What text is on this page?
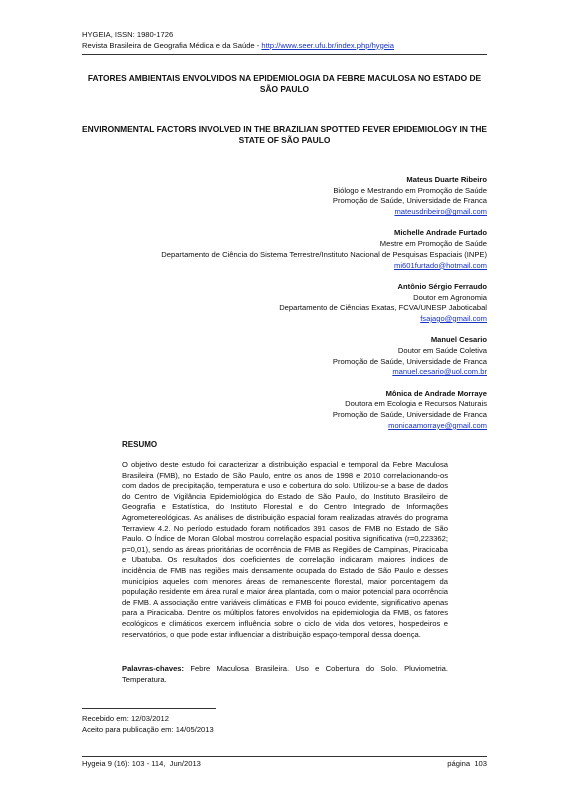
HYGEIA, ISSN: 1980-1726
Revista Brasileira de Geografia Médica e da Saúde - http://www.seer.ufu.br/index.php/hygeia
FATORES AMBIENTAIS ENVOLVIDOS NA EPIDEMIOLOGIA DA FEBRE MACULOSA NO ESTADO DE SÃO PAULO
ENVIRONMENTAL FACTORS INVOLVED IN THE BRAZILIAN SPOTTED FEVER EPIDEMIOLOGY IN THE STATE OF SÃO PAULO
Mateus Duarte Ribeiro
Biólogo e Mestrando em Promoção de Saúde
Promoção de Saúde, Universidade de Franca
mateusdribeiro@gmail.com
Michelle Andrade Furtado
Mestre em Promoção de Saúde
Departamento de Ciência do Sistema Terrestre/Instituto Nacional de Pesquisas Espaciais (INPE)
mi601furtado@hotmail.com
Antônio Sérgio Ferraudo
Doutor em Agronomia
Departamento de Ciências Exatas, FCVA/UNESP Jaboticabal
fsajago@gmail.com
Manuel Cesario
Doutor em Saúde Coletiva
Promoção de Saúde, Universidade de Franca
manuel.cesario@uol.com.br
Mônica de Andrade Morraye
Doutora em Ecologia e Recursos Naturais
Promoção de Saúde, Universidade de Franca
monicaamorraye@gmail.com
RESUMO
O objetivo deste estudo foi caracterizar a distribuição espacial e temporal da Febre Maculosa Brasileira (FMB), no Estado de São Paulo, entre os anos de 1998 e 2010 correlacionando-os com dados de precipitação, temperatura e uso e cobertura do solo. Utilizou-se a base de dados do Centro de Vigilância Epidemiológica do Estado de São Paulo, do Instituto Brasileiro de Geografia e Estatística, do Instituto Florestal e do Centro Integrado de Informações Agrometereológicas. As análises de distribuição espacial foram realizadas através do programa Terraview 4.2. No período estudado foram notificados 391 casos de FMB no Estado de São Paulo. O Índice de Moran Global mostrou correlação espacial positiva significativa (r=0,223362; p=0,01), sendo as áreas prioritárias de ocorrência de FMB as Regiões de Campinas, Piracicaba e Ubatuba. Os resultados dos coeficientes de correlação indicaram maiores índices de incidência de FMB nas regiões mais densamente ocupada do Estado de São Paulo e desses municípios aqueles com menores áreas de remanescente florestal, maior porcentagem da população residente em área rural e maior área plantada, com o maior potencial para ocorrência de FMB. A associação entre variáveis climáticas e FMB foi pouco evidente, significativo apenas para a Piracicaba. Dentre os múltiplos fatores envolvidos na epidemiologia da FMB, os fatores ecológicos e climáticos exercem influência sobre o ciclo de vida dos vetores, hospedeiros e reservatórios, o que pode estar influenciar a distribuição espaço-temporal dessa doença.
Palavras-chaves: Febre Maculosa Brasileira. Uso e Cobertura do Solo. Pluviometria. Temperatura.
Recebido em: 12/03/2012
Aceito para publicação em: 14/05/2013
Hygeia 9 (16): 103 - 114,  Jun/2013	página  103
